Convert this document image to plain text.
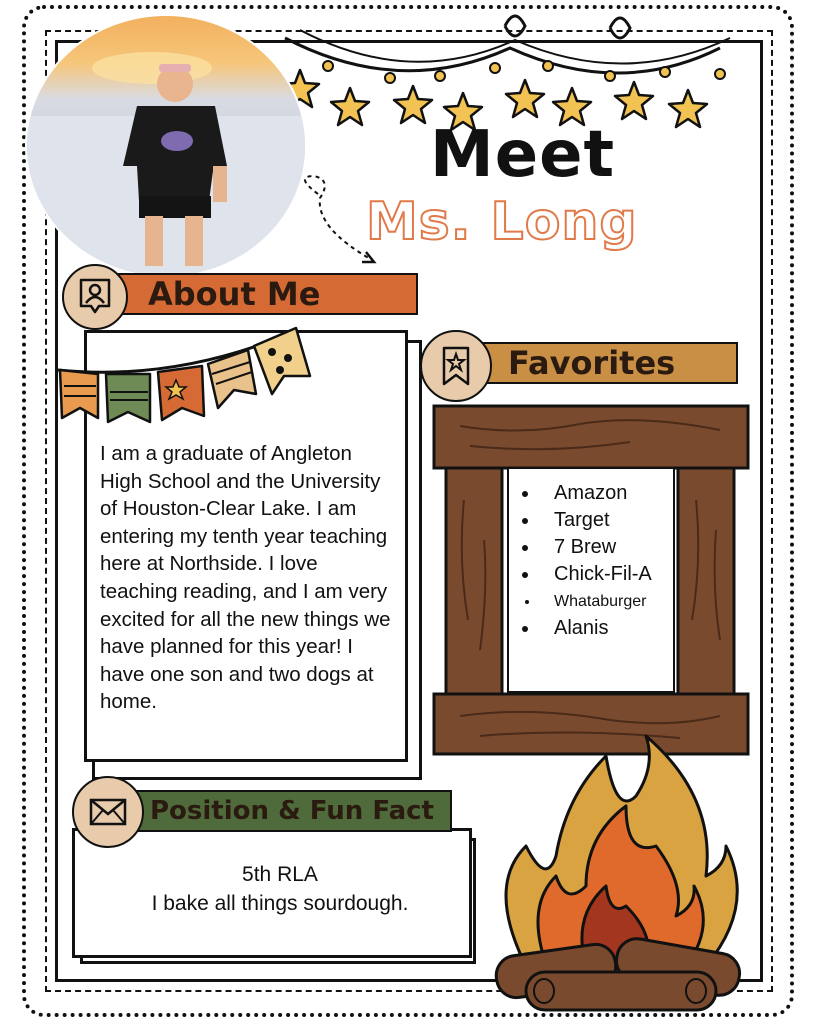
Meet
Ms. Long
About Me
I am a graduate of Angleton High School and the University of Houston-Clear Lake. I am entering my tenth year teaching here at Northside. I love teaching reading, and I am very excited for all the new things we have planned for this year! I have one son and two dogs at home.
Favorites
• Amazon
• Target
• 7 Brew
• Chick-Fil-A
• Whataburger
• Alanis
Position & Fun Fact
5th RLA
I bake all things sourdough.
